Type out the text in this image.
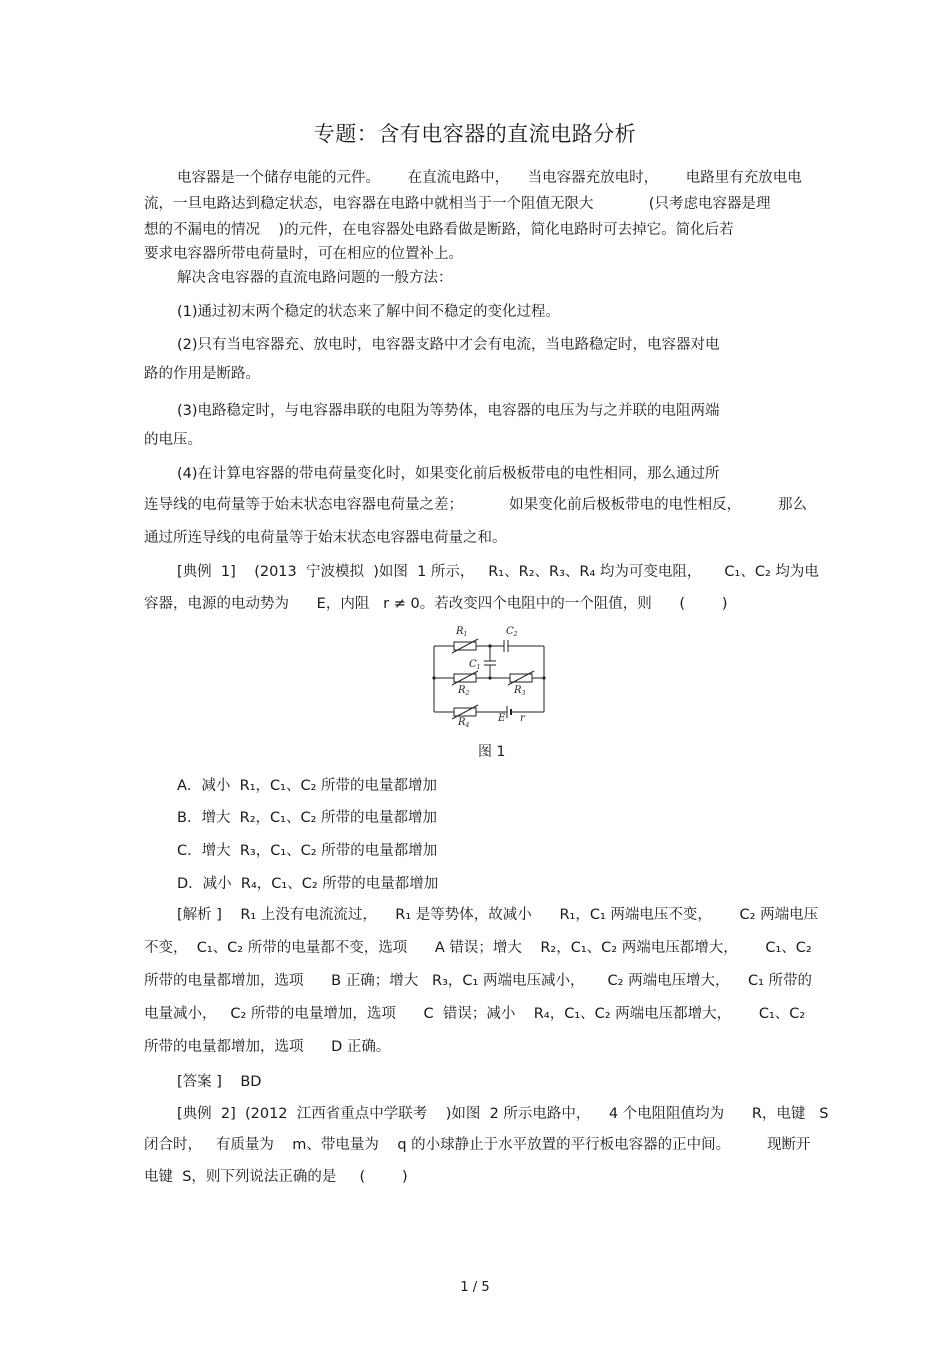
专题：含有电容器的直流电路分析
电容器是一个储存电能的元件。      在直流电路中，    当电容器充放电时，      电路里有充放电电
流，一旦电路达到稳定状态，电容器在电路中就相当于一个阻值无限大            (只考虑电容器是理
想的不漏电的情况    )的元件，在电容器处电路看做是断路，简化电路时可去掉它。简化后若
要求电容器所带电荷量时，可在相应的位置补上。
解决含电容器的直流电路问题的一般方法：
(1)通过初末两个稳定的状态来了解中间不稳定的变化过程。
(2)只有当电容器充、放电时，电容器支路中才会有电流，当电路稳定时，电容器对电
路的作用是断路。
(3)电路稳定时，与电容器串联的电阻为等势体，电容器的电压为与之并联的电阻两端
的电压。
(4)在计算电容器的带电荷量变化时，如果变化前后极板带电的电性相同，那么通过所
连导线的电荷量等于始末状态电容器电荷量之差；          如果变化前后极板带电的电性相反，        那么
通过所连导线的电荷量等于始末状态电容器电荷量之和。
[典例  1]    (2013  宁波模拟  )如图  1 所示，   R₁、R₂、R₃、R₄ 均为可变电阻，     C₁、C₂ 均为电
容器，电源的电动势为      E，内阻   r ≠ 0。若改变四个电阻中的一个阻值，则      (        )
$R_1$	$C_2$
$C_1$
$R_2$	$R_3$
$R_4$
E r
图 1
A．减小  R₁，C₁、C₂ 所带的电量都增加
B．增大  R₂，C₁、C₂ 所带的电量都增加
C．增大  R₃，C₁、C₂ 所带的电量都增加
D．减小  R₄，C₁、C₂ 所带的电量都增加
[解析 ]    R₁ 上没有电流流过，    R₁ 是等势体，故减小      R₁，C₁ 两端电压不变，      C₂ 两端电压
不变，  C₁、C₂ 所带的电量都不变，选项      A 错误；增大    R₂，C₁、C₂ 两端电压都增大，      C₁、C₂
所带的电量都增加，选项      B 正确；增大   R₃，C₁ 两端电压减小，     C₂ 两端电压增大，    C₁ 所带的
电量减小，   C₂ 所带的电量增加，选项      C  错误；减小    R₄，C₁、C₂ 两端电压都增大，      C₁、C₂
所带的电量都增加，选项      D 正确。
[答案 ]    BD
[典例  2]  (2012  江西省重点中学联考    )如图  2 所示电路中，    4 个电阻阻值均为      R，电键   S
闭合时，   有质量为    m、带电量为    q 的小球静止于水平放置的平行板电容器的正中间。        现断开
电键  S，则下列说法正确的是     (        )
1 / 5
